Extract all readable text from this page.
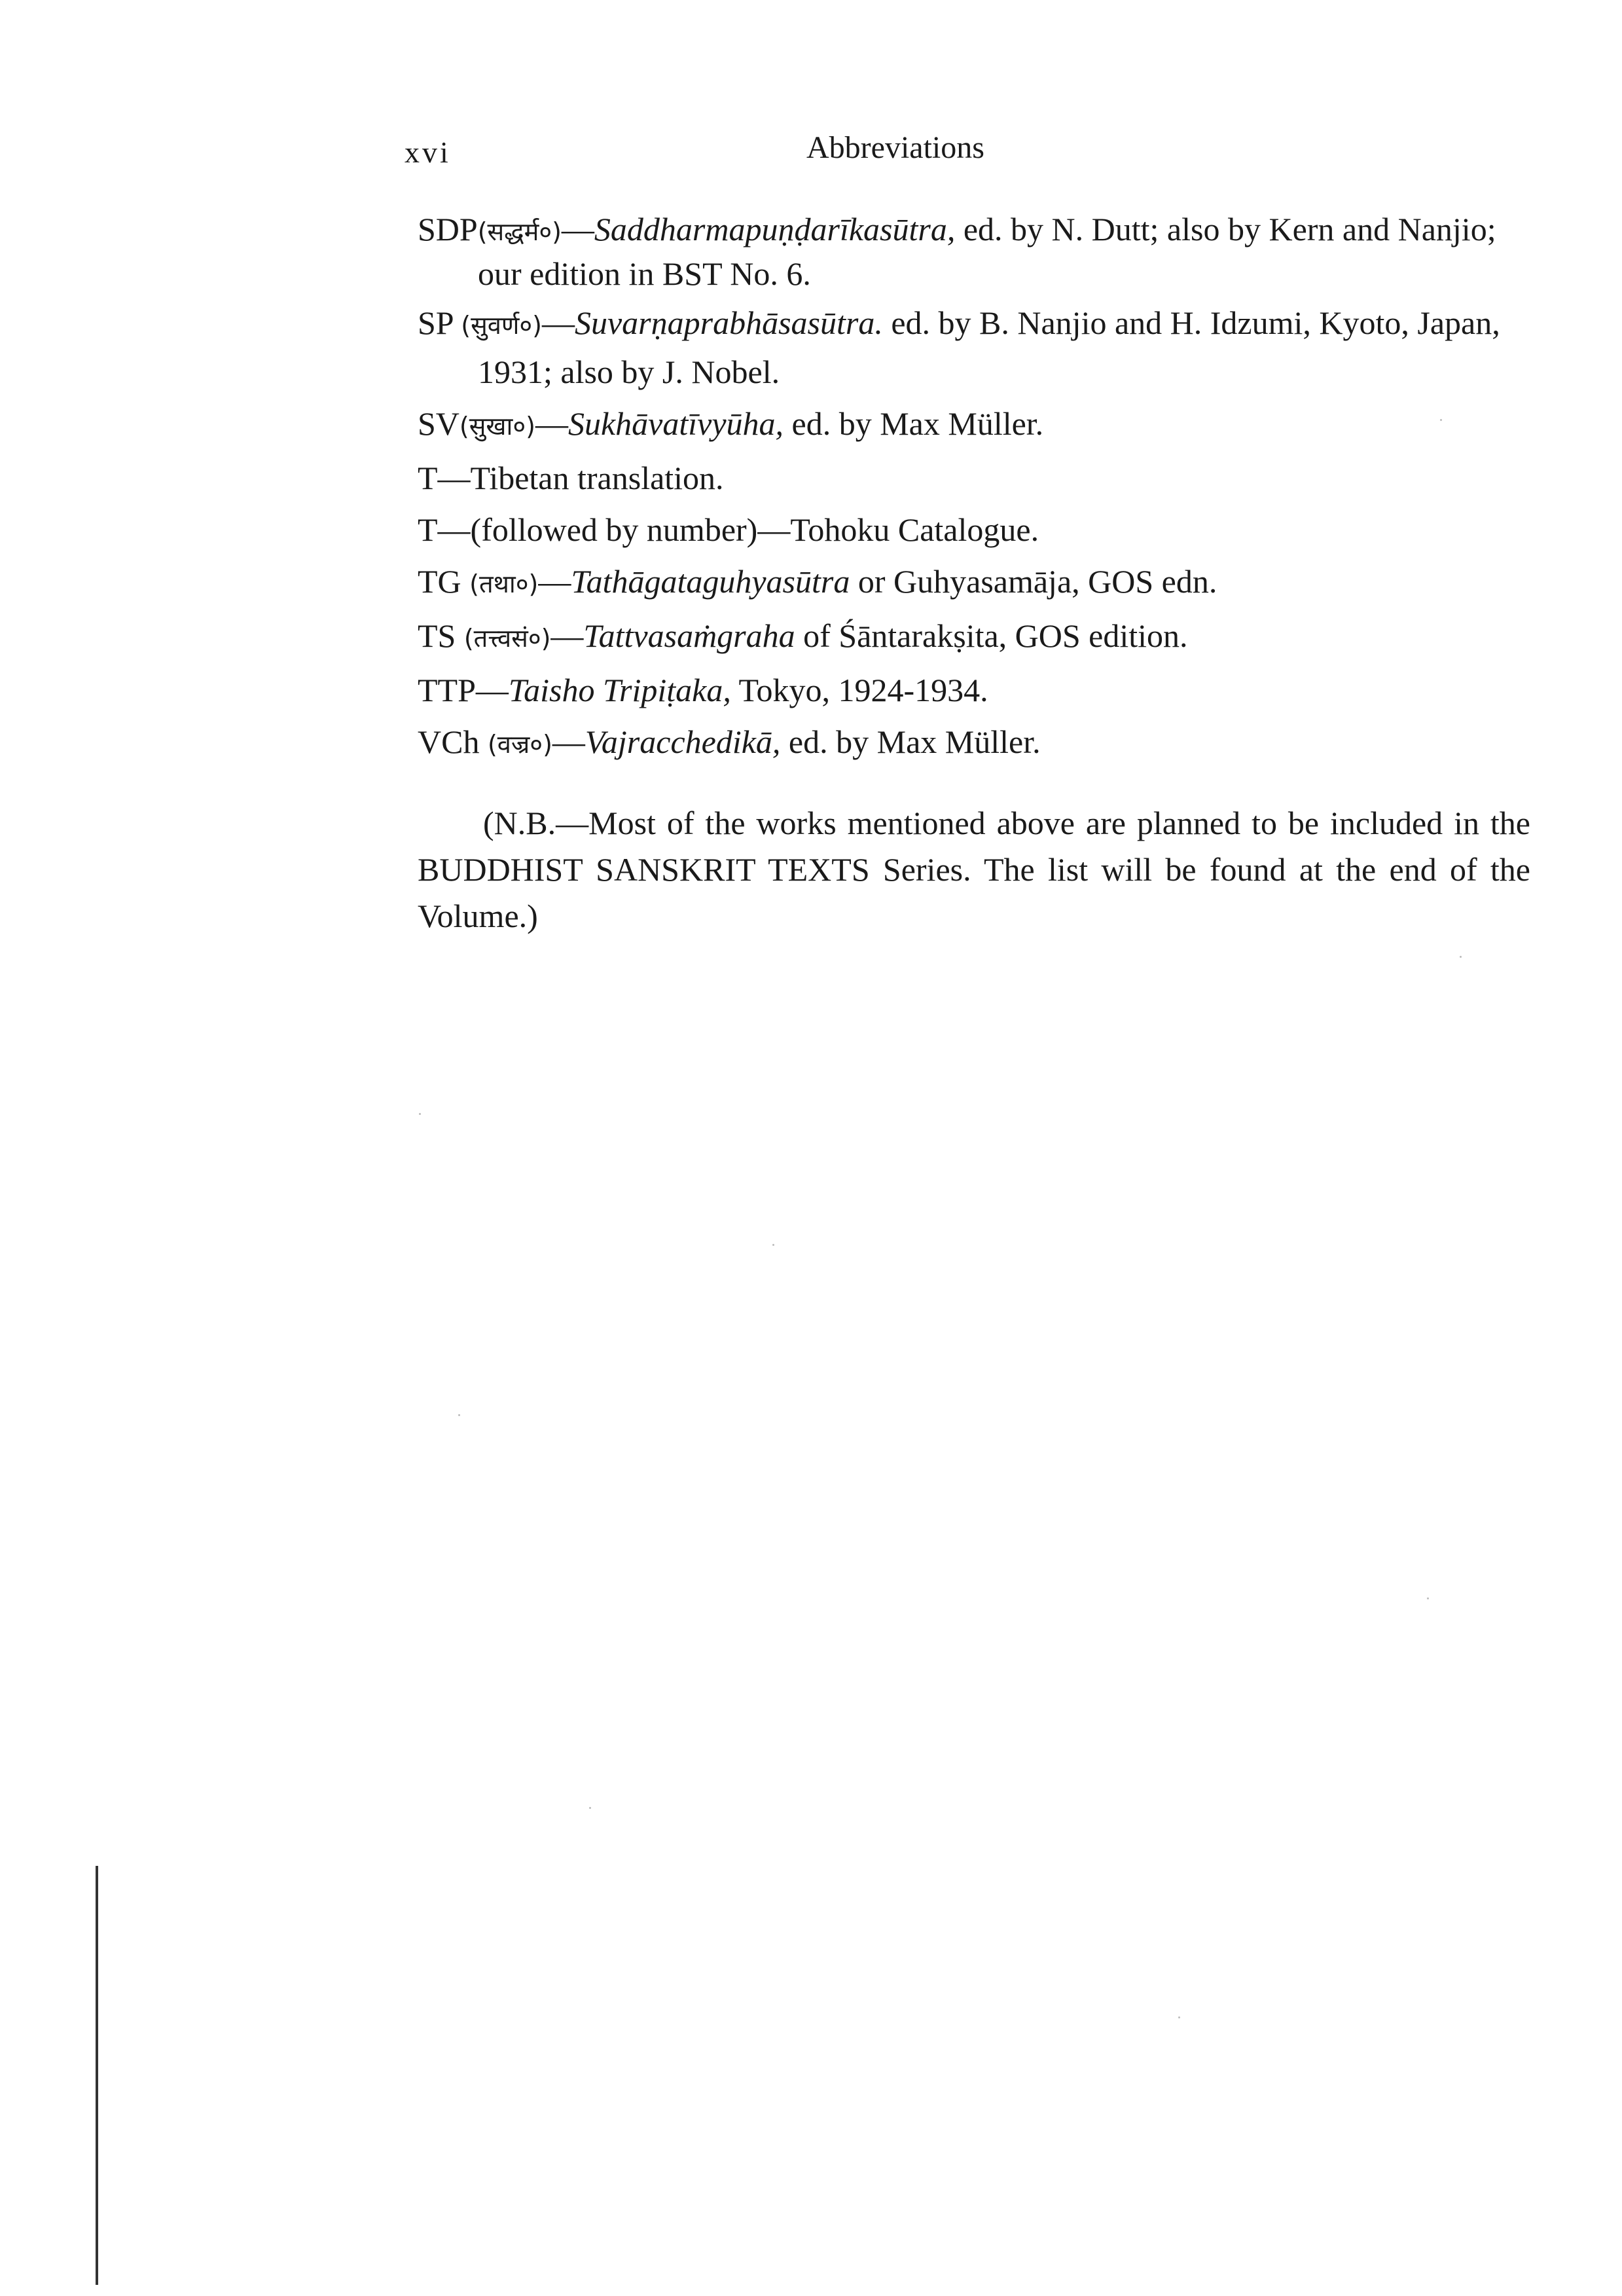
xvi	Abbreviations

SDP(सद्धर्म०)—Saddharmapuṇḍarīkasūtra, ed. by N. Dutt; also by Kern and Nanjio; our edition in BST No. 6.

SP (सुवर्ण०)—Suvarṇaprabhāsasūtra. ed. by B. Nanjio and H. Idzumi, Kyoto, Japan, 1931; also by J. Nobel.

SV(सुखा०)—Sukhāvatīvyūha, ed. by Max Müller.

T—Tibetan translation.

T—(followed by number)—Tohoku Catalogue.

TG (तथा०)—Tathāgataguhyasūtra or Guhyasamāja, GOS edn.

TS (तत्त्वसं०)—Tattvasaṁgraha of Śāntarakṣita, GOS edition.

TTP—Taisho Tripiṭaka, Tokyo, 1924-1934.

VCh (वज्र०)—Vajracchedikā, ed. by Max Müller.

(N.B.—Most of the works mentioned above are planned to be included in the BUDDHIST SANSKRIT TEXTS Series. The list will be found at the end of the Volume.)
